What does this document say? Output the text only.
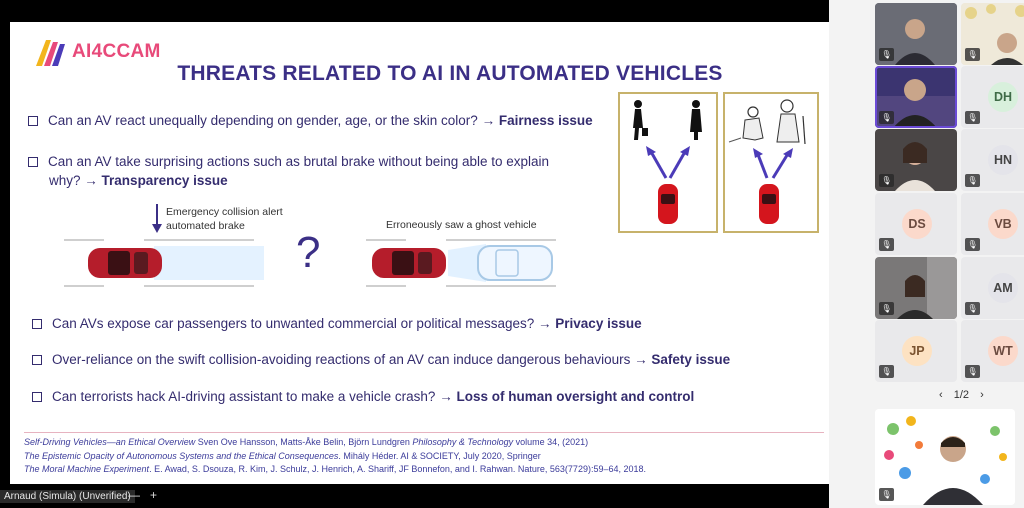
AI4CCAM
THREATS RELATED TO AI IN AUTOMATED VEHICLES
Can an AV react unequally depending on gender, age, or the skin color? → Fairness issue
Can an AV take surprising actions such as brutal brake without being able to explain
why? → Transparency issue
Emergency collision alert
automated brake
?
Erroneously saw a ghost vehicle
Can AVs expose car passengers to unwanted commercial or political messages? → Privacy issue
Over-reliance on the swift collision-avoiding reactions of an AV can induce dangerous behaviours → Safety issue
Can terrorists hack AI-driving assistant to make a vehicle crash? → Loss of human oversight and control
Self-Driving Vehicles—an Ethical Overview Sven Ove Hansson, Matts-Åke Belin, Björn Lundgren Philosophy & Technology volume 34, (2021)
The Epistemic Opacity of Autonomous Systems and the Ethical Consequences. Mihály Héder. AI & SOCIETY, July 2020, Springer
The Moral Machine Experiment. E. Awad, S. Dsouza, R. Kim, J. Schulz, J. Henrich, A. Shariff, JF Bonnefon, and I. Rahwan. Nature, 563(7729):59–64, 2018.
Arnaud (Simula) (Unverified)
— +
🎙	🎙
🎙
DH
🎙
🎙
HN
🎙
DS
🎙
VB
🎙
🎙
AM
🎙
JP
🎙
WT
🎙
‹ 1/2 ›
🎙
